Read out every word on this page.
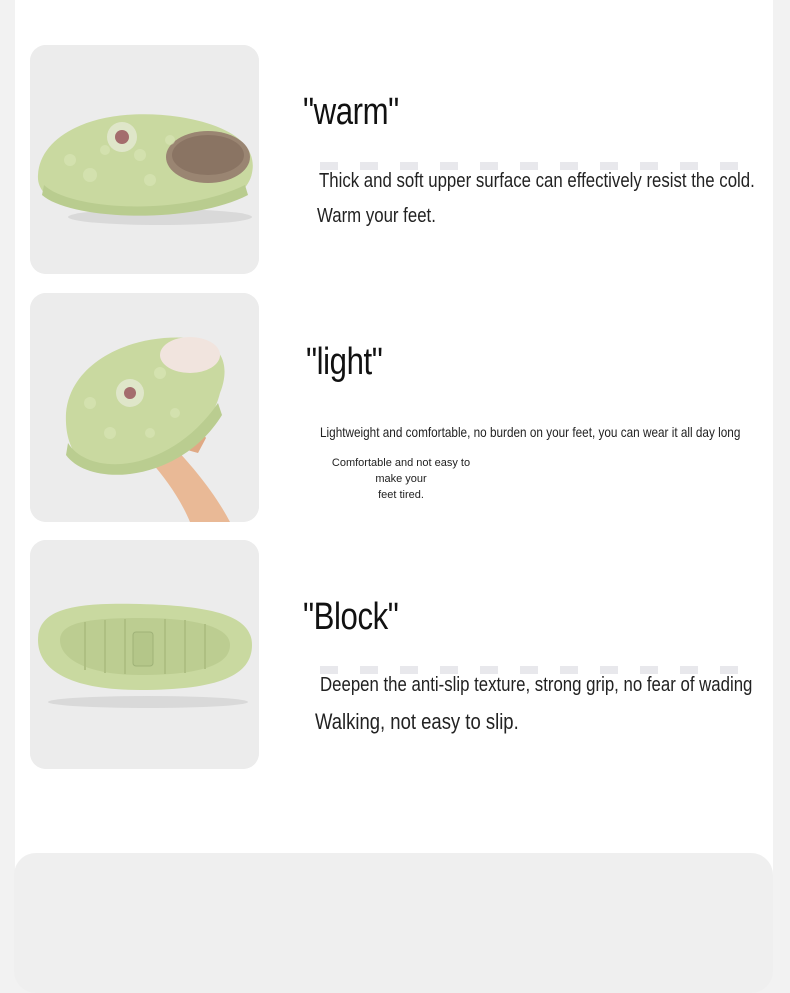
"warm"
Thick and soft upper surface can effectively resist the cold.
Warm your feet.
"light"
Lightweight and comfortable, no burden on your feet, you can wear it all day long
Comfortable and not easy to make your
feet tired.
"Block"
Deepen the anti-slip texture, strong grip, no fear of wading
Walking, not easy to slip.
